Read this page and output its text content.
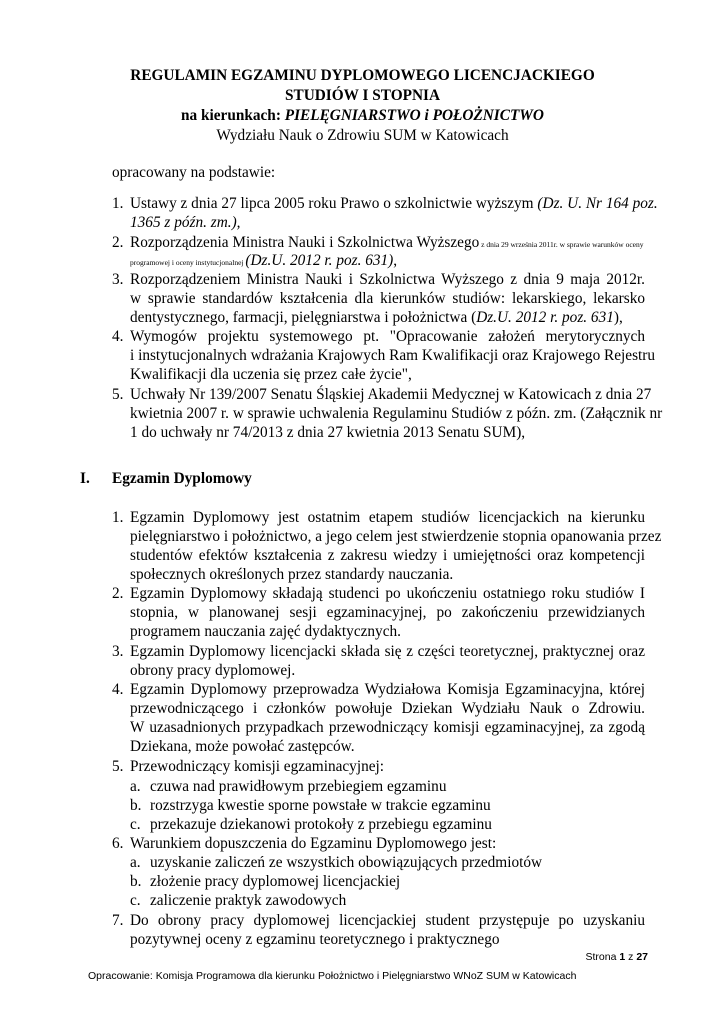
REGULAMIN EGZAMINU DYPLOMOWEGO LICENCJACKIEGO
STUDIÓW I STOPNIA
na kierunkach: PIELĘGNIARSTWO i POŁOŻNICTWO
Wydziału Nauk o Zdrowiu SUM w Katowicach
opracowany na podstawie:
1. Ustawy z dnia 27 lipca 2005 roku Prawo o szkolnictwie wyższym (Dz. U. Nr 164 poz.
1365 z późn. zm.),
2. Rozporządzenia Ministra Nauki i Szkolnictwa Wyższego z dnia 29 września 2011r. w sprawie warunków oceny
programowej i oceny instytucjonalnej (Dz.U. 2012 r. poz. 631),
3. Rozporządzeniem Ministra Nauki i Szkolnictwa Wyższego z dnia 9 maja 2012r.
w sprawie standardów kształcenia dla kierunków studiów: lekarskiego, lekarsko
dentystycznego, farmacji, pielęgniarstwa i położnictwa (Dz.U. 2012 r. poz. 631),
4. Wymogów projektu systemowego pt. "Opracowanie założeń merytorycznych
i instytucjonalnych wdrażania Krajowych Ram Kwalifikacji oraz Krajowego Rejestru
Kwalifikacji dla uczenia się przez całe życie",
5. Uchwały Nr 139/2007 Senatu Śląskiej Akademii Medycznej w Katowicach z dnia 27
kwietnia 2007 r. w sprawie uchwalenia Regulaminu Studiów z późn. zm. (Załącznik nr
1 do uchwały nr 74/2013 z dnia 27 kwietnia 2013 Senatu SUM),
I. Egzamin Dyplomowy
1. Egzamin Dyplomowy jest ostatnim etapem studiów licencjackich na kierunku
pielęgniarstwo i położnictwo, a jego celem jest stwierdzenie stopnia opanowania przez
studentów efektów kształcenia z zakresu wiedzy i umiejętności oraz kompetencji
społecznych określonych przez standardy nauczania.
2. Egzamin Dyplomowy składają studenci po ukończeniu ostatniego roku studiów I
stopnia, w planowanej sesji egzaminacyjnej, po zakończeniu przewidzianych
programem nauczania zajęć dydaktycznych.
3. Egzamin Dyplomowy licencjacki składa się z części teoretycznej, praktycznej oraz
obrony pracy dyplomowej.
4. Egzamin Dyplomowy przeprowadza Wydziałowa Komisja Egzaminacyjna, której
przewodniczącego i członków powołuje Dziekan Wydziału Nauk o Zdrowiu.
W uzasadnionych przypadkach przewodniczący komisji egzaminacyjnej, za zgodą
Dziekana, może powołać zastępców.
5. Przewodniczący komisji egzaminacyjnej:
a. czuwa nad prawidłowym przebiegiem egzaminu
b. rozstrzyga kwestie sporne powstałe w trakcie egzaminu
c. przekazuje dziekanowi protokoły z przebiegu egzaminu
6. Warunkiem dopuszczenia do Egzaminu Dyplomowego jest:
a. uzyskanie zaliczeń ze wszystkich obowiązujących przedmiotów
b. złożenie pracy dyplomowej licencjackiej
c. zaliczenie praktyk zawodowych
7. Do obrony pracy dyplomowej licencjackiej student przystępuje po uzyskaniu
pozytywnej oceny z egzaminu teoretycznego i praktycznego
Strona 1 z 27
Opracowanie: Komisja Programowa dla kierunku Położnictwo i Pielęgniarstwo WNoZ SUM w Katowicach
